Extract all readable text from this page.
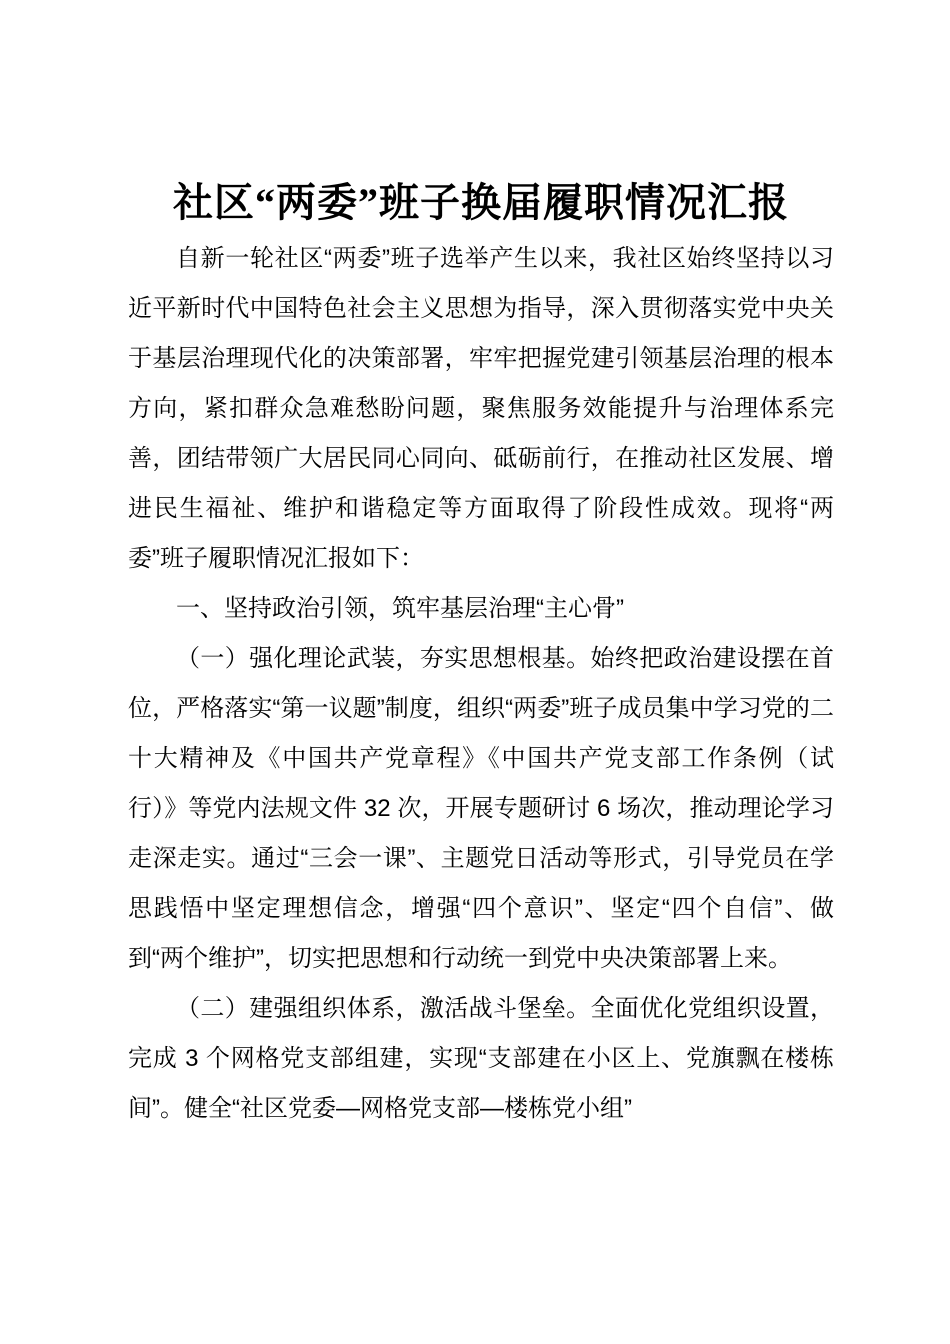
社区“两委”班子换届履职情况汇报

自新一轮社区“两委”班子选举产生以来，我社区始终坚持以习近平新时代中国特色社会主义思想为指导，深入贯彻落实党中央关于基层治理现代化的决策部署，牢牢把握党建引领基层治理的根本方向，紧扣群众急难愁盼问题，聚焦服务效能提升与治理体系完善，团结带领广大居民同心同向、砥砺前行，在推动社区发展、增进民生福祉、维护和谐稳定等方面取得了阶段性成效。现将“两委”班子履职情况汇报如下：

一、坚持政治引领，筑牢基层治理“主心骨”

（一）强化理论武装，夯实思想根基。始终把政治建设摆在首位，严格落实“第一议题”制度，组织“两委”班子成员集中学习党的二十大精神及《中国共产党章程》《中国共产党支部工作条例（试行）》等党内法规文件 32 次，开展专题研讨 6 场次，推动理论学习走深走实。通过“三会一课”、主题党日活动等形式，引导党员在学思践悟中坚定理想信念，增强“四个意识”、坚定“四个自信”、做到“两个维护”，切实把思想和行动统一到党中央决策部署上来。

（二）建强组织体系，激活战斗堡垒。全面优化党组织设置，完成 3 个网格党支部组建，实现“支部建在小区上、党旗飘在楼栋间”。健全“社区党委—网格党支部—楼栋党小组”
